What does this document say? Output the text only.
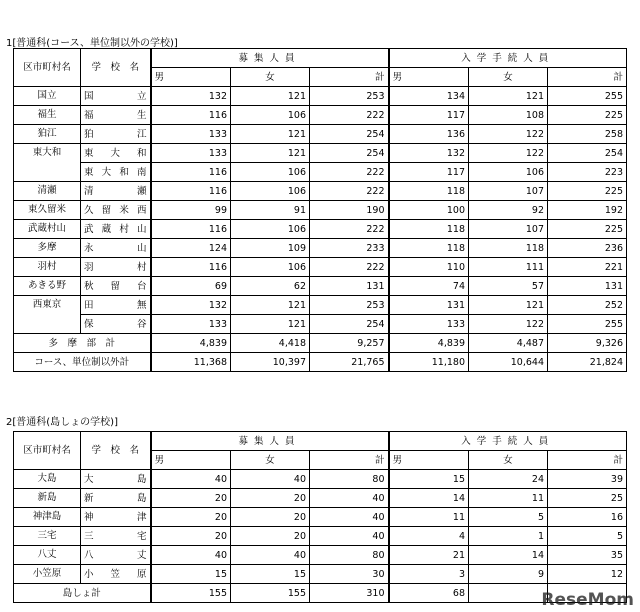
1[普通科(コース、単位制以外の学校)]
区市町村名	学　校　名	募集人員			入学手続人員		
		男	女	計	男	女	計
国立	国立	132	121	253	134	121	255
福生	福生	116	106	222	117	108	225
狛江	狛江	133	121	254	136	122	258
東大和	東大和	133	121	254	132	122	254
	東大和南	116	106	222	117	106	223
清瀬	清瀬	116	106	222	118	107	225
東久留米	久留米西	99	91	190	100	92	192
武蔵村山	武蔵村山	116	106	222	118	107	225
多摩	永山	124	109	233	118	118	236
羽村	羽村	116	106	222	110	111	221
あきる野	秋留台	69	62	131	74	57	131
西東京	田無	132	121	253	131	121	252
	保谷	133	121	254	133	122	255
多　摩　部　計		4,839	4,418	9,257	4,839	4,487	9,326
コース、単位制以外計		11,368	10,397	21,765	11,180	10,644	21,824
2[普通科(島しょの学校)]
区市町村名	学　校　名	募集人員			入学手続人員		
		男	女	計	男	女	計
大島	大島	40	40	80	15	24	39
新島	新島	20	20	40	14	11	25
神津島	神津	20	20	40	11	5	16
三宅	三宅	20	20	40	4	1	5
八丈	八丈	40	40	80	21	14	35
小笠原	小笠原	15	15	30	3	9	12
島しょ計		155	155	310	68			ReseMom
